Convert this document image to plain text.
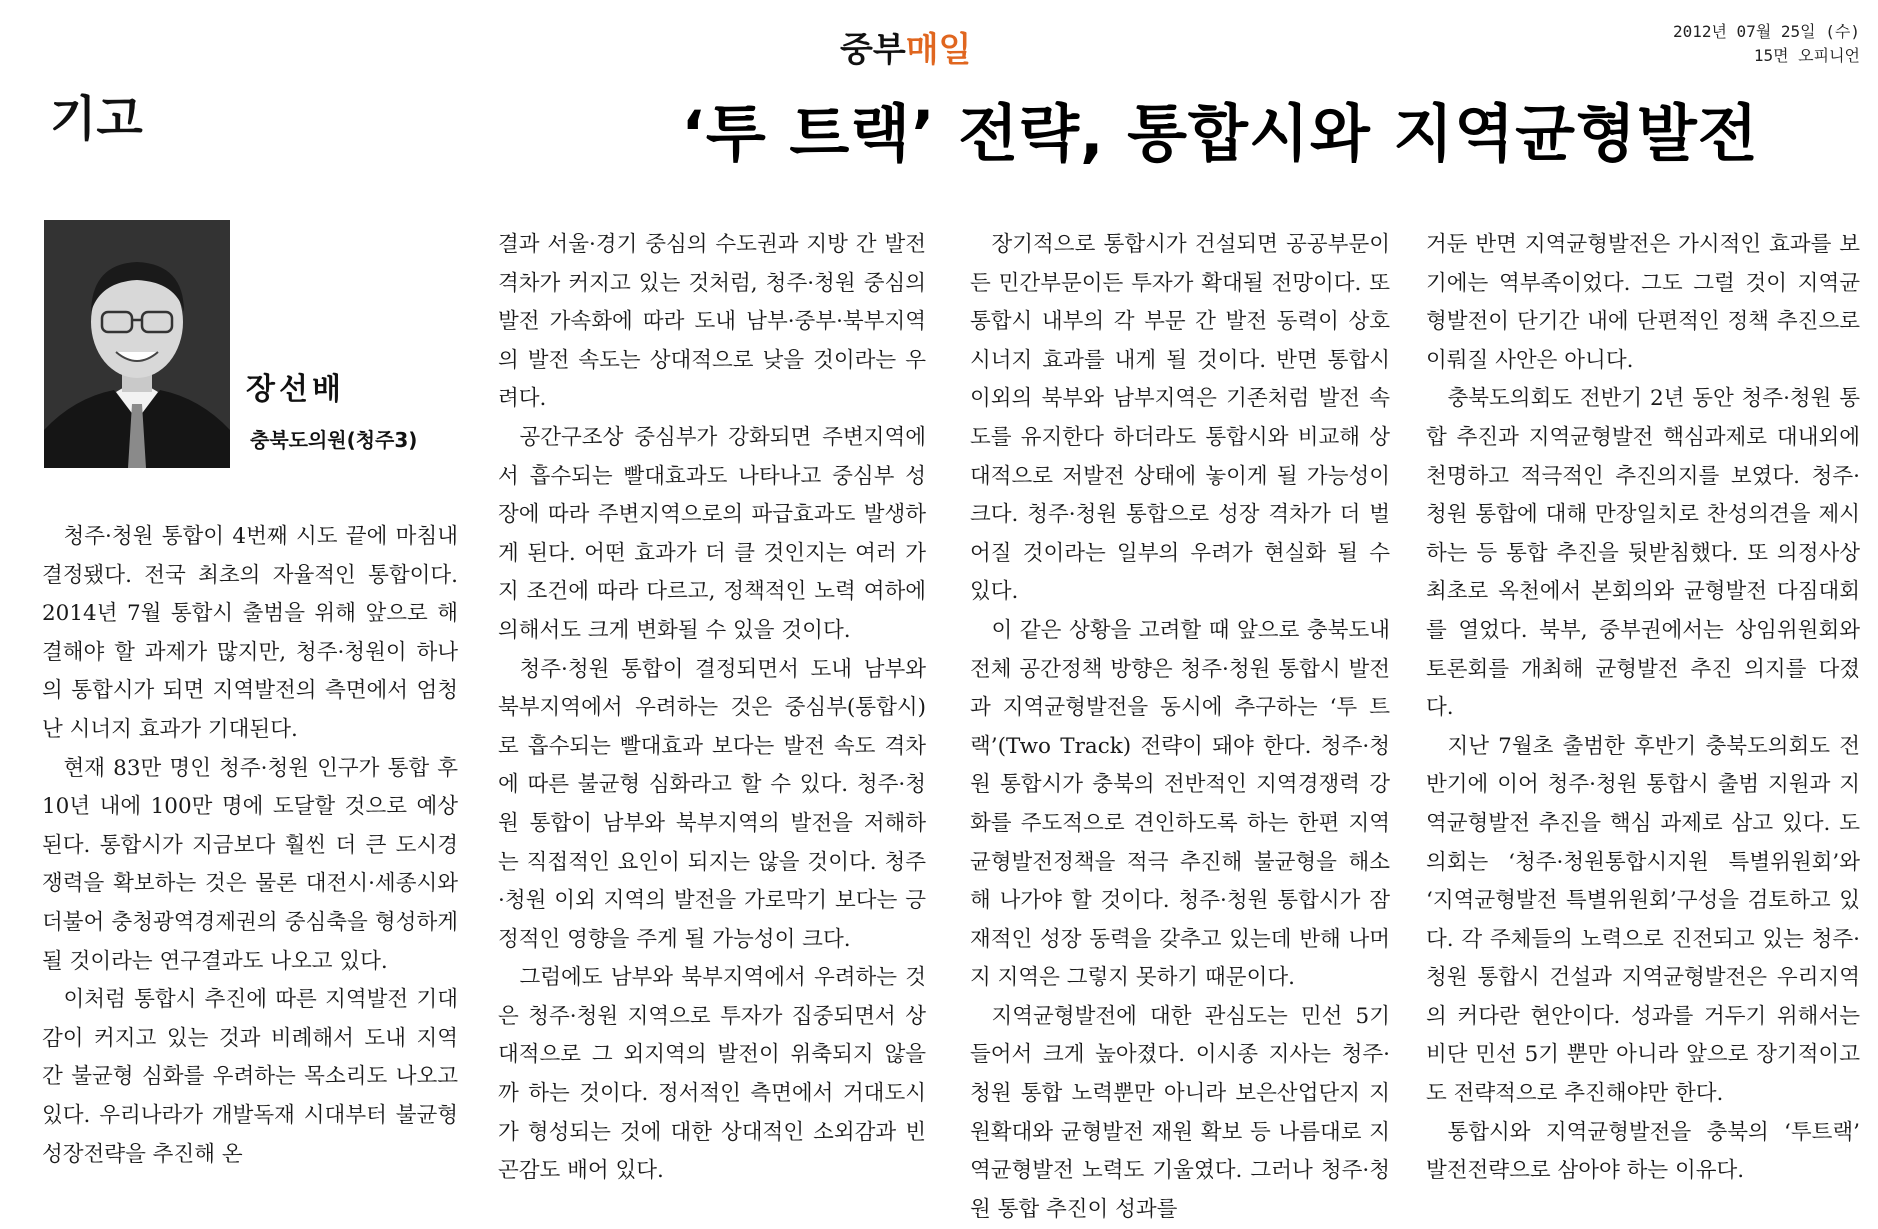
중부매일	2012년 07월 25일 (수)
15면 오피니언
기고	‘투 트랙’ 전략, 통합시와 지역균형발전
장선배
충북도의원(청주3)

청주·청원 통합이 4번째 시도 끝에 마침내 결정됐다. 전국 최초의 자율적인 통합이다. 2014년 7월 통합시 출범을 위해 앞으로 해결해야 할 과제가 많지만, 청주·청원이 하나의 통합시가 되면 지역발전의 측면에서 엄청난 시너지 효과가 기대된다.

현재 83만 명인 청주·청원 인구가 통합 후 10년 내에 100만 명에 도달할 것으로 예상된다. 통합시가 지금보다 훨씬 더 큰 도시경쟁력을 확보하는 것은 물론 대전시·세종시와 더불어 충청광역경제권의 중심축을 형성하게 될 것이라는 연구결과도 나오고 있다.

이처럼 통합시 추진에 따른 지역발전 기대감이 커지고 있는 것과 비례해서 도내 지역 간 불균형 심화를 우려하는 목소리도 나오고 있다. 우리나라가 개발독재 시대부터 불균형 성장전략을 추진해 온

결과 서울·경기 중심의 수도권과 지방 간 발전 격차가 커지고 있는 것처럼, 청주·청원 중심의 발전 가속화에 따라 도내 남부·중부·북부지역의 발전 속도는 상대적으로 낮을 것이라는 우려다.

공간구조상 중심부가 강화되면 주변지역에서 흡수되는 빨대효과도 나타나고 중심부 성장에 따라 주변지역으로의 파급효과도 발생하게 된다. 어떤 효과가 더 클 것인지는 여러 가지 조건에 따라 다르고, 정책적인 노력 여하에 의해서도 크게 변화될 수 있을 것이다.

청주·청원 통합이 결정되면서 도내 남부와 북부지역에서 우려하는 것은 중심부(통합시)로 흡수되는 빨대효과 보다는 발전 속도 격차에 따른 불균형 심화라고 할 수 있다. 청주·청원 통합이 남부와 북부지역의 발전을 저해하는 직접적인 요인이 되지는 않을 것이다. 청주·청원 이외 지역의 발전을 가로막기 보다는 긍정적인 영향을 주게 될 가능성이 크다.

그럼에도 남부와 북부지역에서 우려하는 것은 청주·청원 지역으로 투자가 집중되면서 상대적으로 그 외지역의 발전이 위축되지 않을까 하는 것이다. 정서적인 측면에서 거대도시가 형성되는 것에 대한 상대적인 소외감과 빈곤감도 배어 있다.

장기적으로 통합시가 건설되면 공공부문이든 민간부문이든 투자가 확대될 전망이다. 또 통합시 내부의 각 부문 간 발전 동력이 상호 시너지 효과를 내게 될 것이다. 반면 통합시 이외의 북부와 남부지역은 기존처럼 발전 속도를 유지한다 하더라도 통합시와 비교해 상대적으로 저발전 상태에 놓이게 될 가능성이 크다. 청주·청원 통합으로 성장 격차가 더 벌어질 것이라는 일부의 우려가 현실화 될 수 있다.

이 같은 상황을 고려할 때 앞으로 충북도내 전체 공간정책 방향은 청주·청원 통합시 발전과 지역균형발전을 동시에 추구하는 ‘투 트랙’(Two Track) 전략이 돼야 한다. 청주·청원 통합시가 충북의 전반적인 지역경쟁력 강화를 주도적으로 견인하도록 하는 한편 지역균형발전정책을 적극 추진해 불균형을 해소해 나가야 할 것이다. 청주·청원 통합시가 잠재적인 성장 동력을 갖추고 있는데 반해 나머지 지역은 그렇지 못하기 때문이다.

지역균형발전에 대한 관심도는 민선 5기 들어서 크게 높아졌다. 이시종 지사는 청주·청원 통합 노력뿐만 아니라 보은산업단지 지원확대와 균형발전 재원 확보 등 나름대로 지역균형발전 노력도 기울였다. 그러나 청주·청원 통합 추진이 성과를

거둔 반면 지역균형발전은 가시적인 효과를 보기에는 역부족이었다. 그도 그럴 것이 지역균형발전이 단기간 내에 단편적인 정책 추진으로 이뤄질 사안은 아니다.

충북도의회도 전반기 2년 동안 청주·청원 통합 추진과 지역균형발전 핵심과제로 대내외에 천명하고 적극적인 추진의지를 보였다. 청주·청원 통합에 대해 만장일치로 찬성의견을 제시하는 등 통합 추진을 뒷받침했다. 또 의정사상 최초로 옥천에서 본회의와 균형발전 다짐대회를 열었다. 북부, 중부권에서는 상임위원회와 토론회를 개최해 균형발전 추진 의지를 다졌다.

지난 7월초 출범한 후반기 충북도의회도 전반기에 이어 청주·청원 통합시 출범 지원과 지역균형발전 추진을 핵심 과제로 삼고 있다. 도의회는 ‘청주·청원통합시지원 특별위원회’와 ‘지역균형발전 특별위원회’구성을 검토하고 있다. 각 주체들의 노력으로 진전되고 있는 청주·청원 통합시 건설과 지역균형발전은 우리지역의 커다란 현안이다. 성과를 거두기 위해서는 비단 민선 5기 뿐만 아니라 앞으로 장기적이고도 전략적으로 추진해야만 한다.

통합시와 지역균형발전을 충북의 ‘투트랙’ 발전전략으로 삼아야 하는 이유다.
